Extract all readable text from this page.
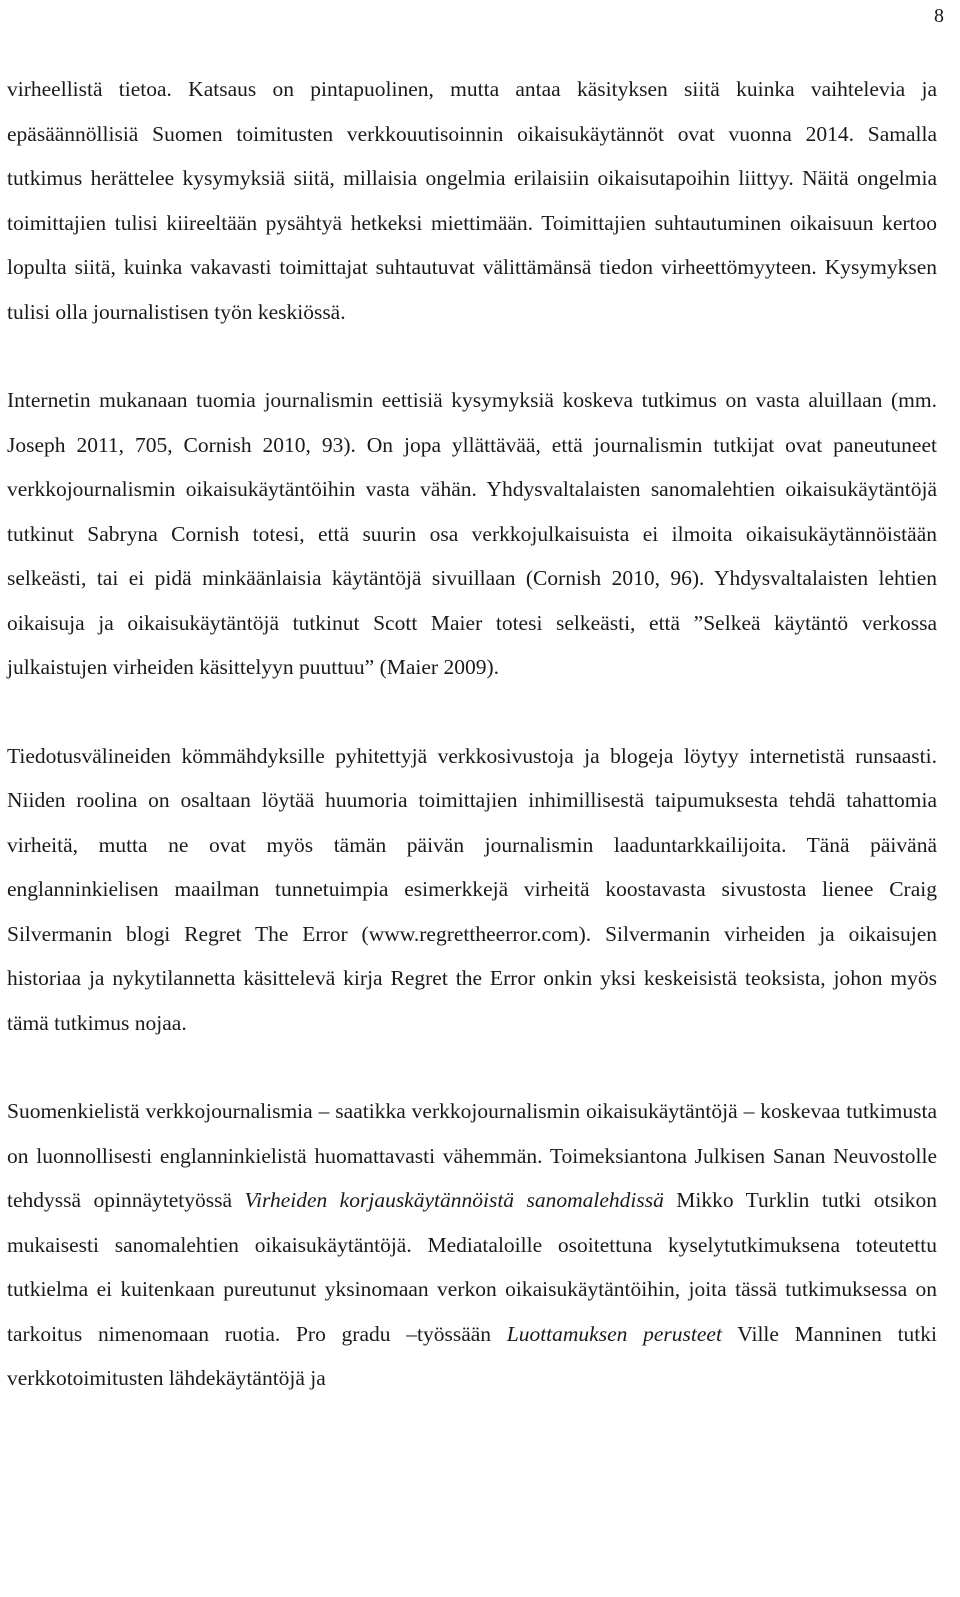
8

virheellistä tietoa. Katsaus on pintapuolinen, mutta antaa käsityksen siitä kuinka vaihtelevia ja epäsäännöllisiä Suomen toimitusten verkkouutisoinnin oikaisukäytännöt ovat vuonna 2014. Samalla tutkimus herättelee kysymyksiä siitä, millaisia ongelmia erilaisiin oikaisutapoihin liittyy. Näitä ongelmia toimittajien tulisi kiireeltään pysähtyä hetkeksi miettimään. Toimittajien suhtautuminen oikaisuun kertoo lopulta siitä, kuinka vakavasti toimittajat suhtautuvat välittämänsä tiedon virheettömyyteen. Kysymyksen tulisi olla journalistisen työn keskiössä.

Internetin mukanaan tuomia journalismin eettisiä kysymyksiä koskeva tutkimus on vasta aluillaan (mm. Joseph 2011, 705, Cornish 2010, 93). On jopa yllättävää, että journalismin tutkijat ovat paneutuneet verkkojournalismin oikaisukäytäntöihin vasta vähän. Yhdysvaltalaisten sanomalehtien oikaisukäytäntöjä tutkinut Sabryna Cornish totesi, että suurin osa verkkojulkaisuista ei ilmoita oikaisukäytännöistään selkeästi, tai ei pidä minkäänlaisia käytäntöjä sivuillaan (Cornish 2010, 96). Yhdysvaltalaisten lehtien oikaisuja ja oikaisukäytäntöjä tutkinut Scott Maier totesi selkeästi, että ”Selkeä käytäntö verkossa julkaistujen virheiden käsittelyyn puuttuu” (Maier 2009).

Tiedotusvälineiden kömmähdyksille pyhitettyjä verkkosivustoja ja blogeja löytyy internetistä runsaasti. Niiden roolina on osaltaan löytää huumoria toimittajien inhimillisestä taipumuksesta tehdä tahattomia virheitä, mutta ne ovat myös tämän päivän journalismin laaduntarkkailijoita. Tänä päivänä englanninkielisen maailman tunnetuimpia esimerkkejä virheitä koostavasta sivustosta lienee Craig Silvermanin blogi Regret The Error (www.regrettheerror.com). Silvermanin virheiden ja oikaisujen historiaa ja nykytilannetta käsittelevä kirja Regret the Error onkin yksi keskeisistä teoksista, johon myös tämä tutkimus nojaa.

Suomenkielistä verkkojournalismia – saatikka verkkojournalismin oikaisukäytäntöjä – koskevaa tutkimusta on luonnollisesti englanninkielistä huomattavasti vähemmän. Toimeksiantona Julkisen Sanan Neuvostolle tehdyssä opinnäytetyössä Virheiden korjauskäytännöistä sanomalehdissä Mikko Turklin tutki otsikon mukaisesti sanomalehtien oikaisukäytäntöjä. Mediataloille osoitettuna kyselytutkimuksena toteutettu tutkielma ei kuitenkaan pureutunut yksinomaan verkon oikaisukäytäntöihin, joita tässä tutkimuksessa on tarkoitus nimenomaan ruotia. Pro gradu –työssään Luottamuksen perusteet Ville Manninen tutki verkkotoimitusten lähdekäytäntöjä ja
